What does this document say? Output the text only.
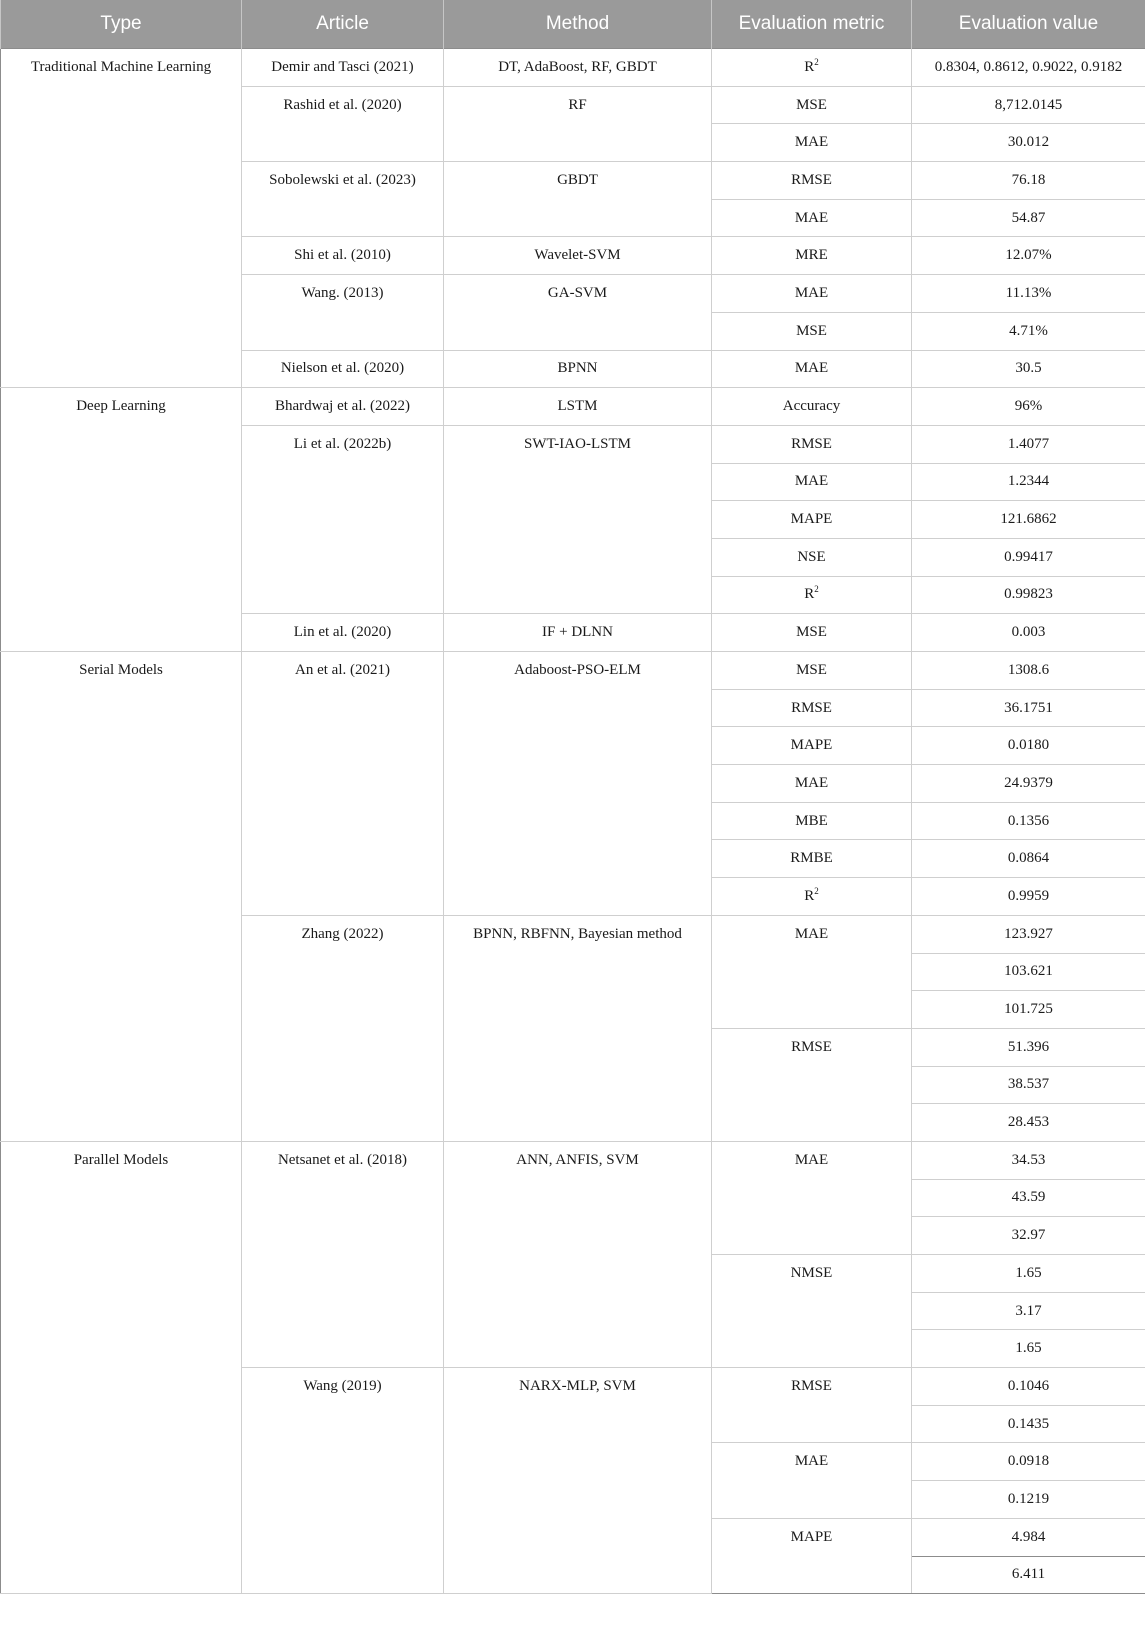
Type	Article	Method	Evaluation metric	Evaluation value
Traditional Machine Learning	Demir and Tasci (2021)	DT, AdaBoost, RF, GBDT	$R^2$	0.8304, 0.8612, 0.9022, 0.9182
	Rashid et al. (2020)	RF	MSE	8,712.0145
			MAE	30.012
	Sobolewski et al. (2023)	GBDT	RMSE	76.18
			MAE	54.87
	Shi et al. (2010)	Wavelet-SVM	MRE	12.07%
	Wang. (2013)	GA-SVM	MAE	11.13%
			MSE	4.71%
	Nielson et al. (2020)	BPNN	MAE	30.5
Deep Learning	Bhardwaj et al. (2022)	LSTM	Accuracy	96%
	Li et al. (2022b)	SWT-IAO-LSTM	RMSE	1.4077
			MAE	1.2344
			MAPE	121.6862
			NSE	0.99417
			$R^2$	0.99823
	Lin et al. (2020)	IF + DLNN	MSE	0.003
Serial Models	An et al. (2021)	Adaboost-PSO-ELM	MSE	1308.6
			RMSE	36.1751
			MAPE	0.0180
			MAE	24.9379
			MBE	0.1356
			RMBE	0.0864
			$R^2$	0.9959
	Zhang (2022)	BPNN, RBFNN, Bayesian method	MAE	123.927
				103.621
				101.725
			RMSE	51.396
				38.537
				28.453
Parallel Models	Netsanet et al. (2018)	ANN, ANFIS, SVM	MAE	34.53
				43.59
				32.97
			NMSE	1.65
				3.17
				1.65
	Wang (2019)	NARX-MLP, SVM	RMSE	0.1046
				0.1435
			MAE	0.0918
				0.1219
			MAPE	4.984
				6.411
